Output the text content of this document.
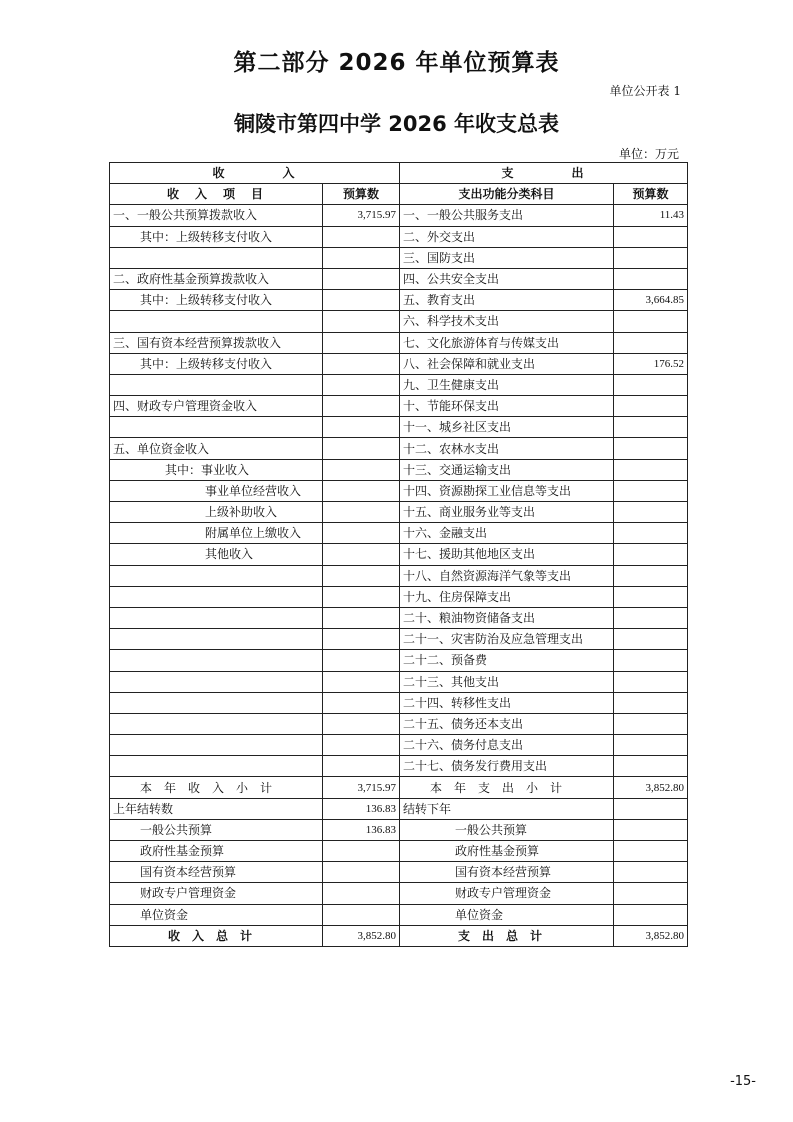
第二部分 2026 年单位预算表
单位公开表 1
铜陵市第四中学 2026 年收支总表
单位：万元
收　　　　入		支　　　　出	
收　入　项　目	预算数	支出功能分类科目	预算数
一、一般公共预算拨款收入	3,715.97	一、一般公共服务支出	11.43
其中：上级转移支付收入		二、外交支出	
		三、国防支出	
二、政府性基金预算拨款收入		四、公共安全支出	
其中：上级转移支付收入		五、教育支出	3,664.85
		六、科学技术支出	
三、国有资本经营预算拨款收入		七、文化旅游体育与传媒支出	
其中：上级转移支付收入		八、社会保障和就业支出	176.52
		九、卫生健康支出	
四、财政专户管理资金收入		十、节能环保支出	
		十一、城乡社区支出	
五、单位资金收入		十二、农林水支出	
其中：事业收入		十三、交通运输支出	
事业单位经营收入		十四、资源勘探工业信息等支出	
上级补助收入		十五、商业服务业等支出	
附属单位上缴收入		十六、金融支出	
其他收入		十七、援助其他地区支出	
		十八、自然资源海洋气象等支出	
		十九、住房保障支出	
		二十、粮油物资储备支出	
		二十一、灾害防治及应急管理支出	
		二十二、预备费	
		二十三、其他支出	
		二十四、转移性支出	
		二十五、债务还本支出	
		二十六、债务付息支出	
		二十七、债务发行费用支出	
本　年　收　入　小　计	3,715.97	本　年　支　出　小　计	3,852.80
上年结转数	136.83	结转下年	
一般公共预算	136.83	一般公共预算	
政府性基金预算		政府性基金预算	
国有资本经营预算		国有资本经营预算	
财政专户管理资金		财政专户管理资金	
单位资金		单位资金	
收　入　总　计	3,852.80	支　出　总　计	3,852.80
-15-
